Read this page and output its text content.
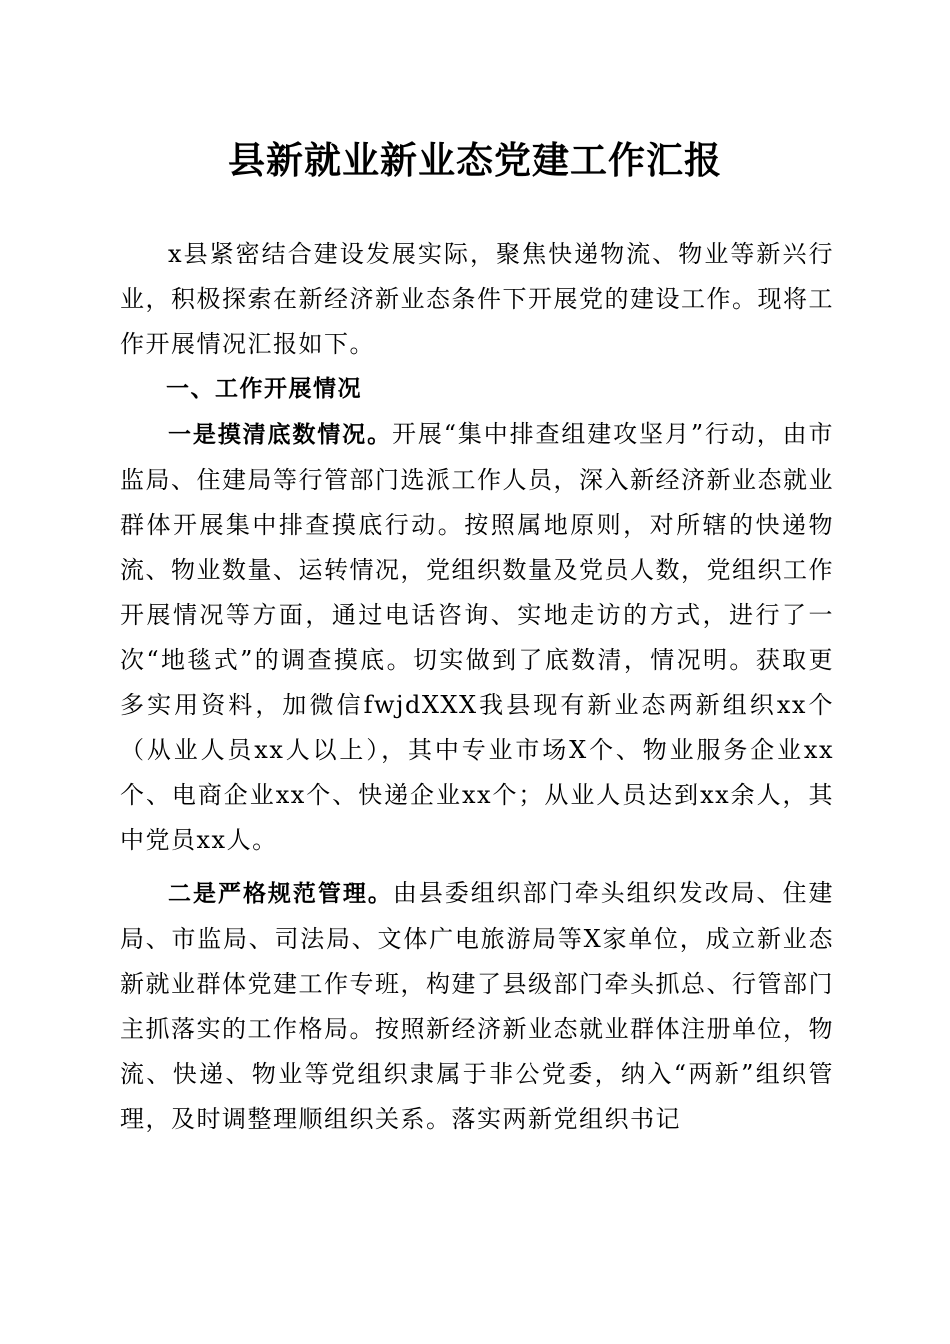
县新就业新业态党建工作汇报

x县紧密结合建设发展实际，聚焦快递物流、物业等新兴行业，积极探索在新经济新业态条件下开展党的建设工作。现将工作开展情况汇报如下。

一、工作开展情况

一是摸清底数情况。开展“集中排查组建攻坚月”行动，由市监局、住建局等行管部门选派工作人员，深入新经济新业态就业群体开展集中排查摸底行动。按照属地原则，对所辖的快递物流、物业数量、运转情况，党组织数量及党员人数，党组织工作开展情况等方面，通过电话咨询、实地走访的方式，进行了一次“地毯式”的调查摸底。切实做到了底数清，情况明。获取更多实用资料，加微信fwjdXXX我县现有新业态两新组织xx个（从业人员xx人以上），其中专业市场X个、物业服务企业xx个、电商企业xx个、快递企业xx个；从业人员达到xx余人，其中党员xx人。

二是严格规范管理。由县委组织部门牵头组织发改局、住建局、市监局、司法局、文体广电旅游局等X家单位，成立新业态新就业群体党建工作专班，构建了县级部门牵头抓总、行管部门主抓落实的工作格局。按照新经济新业态就业群体注册单位，物流、快递、物业等党组织隶属于非公党委，纳入“两新”组织管理，及时调整理顺组织关系。落实两新党组织书记
